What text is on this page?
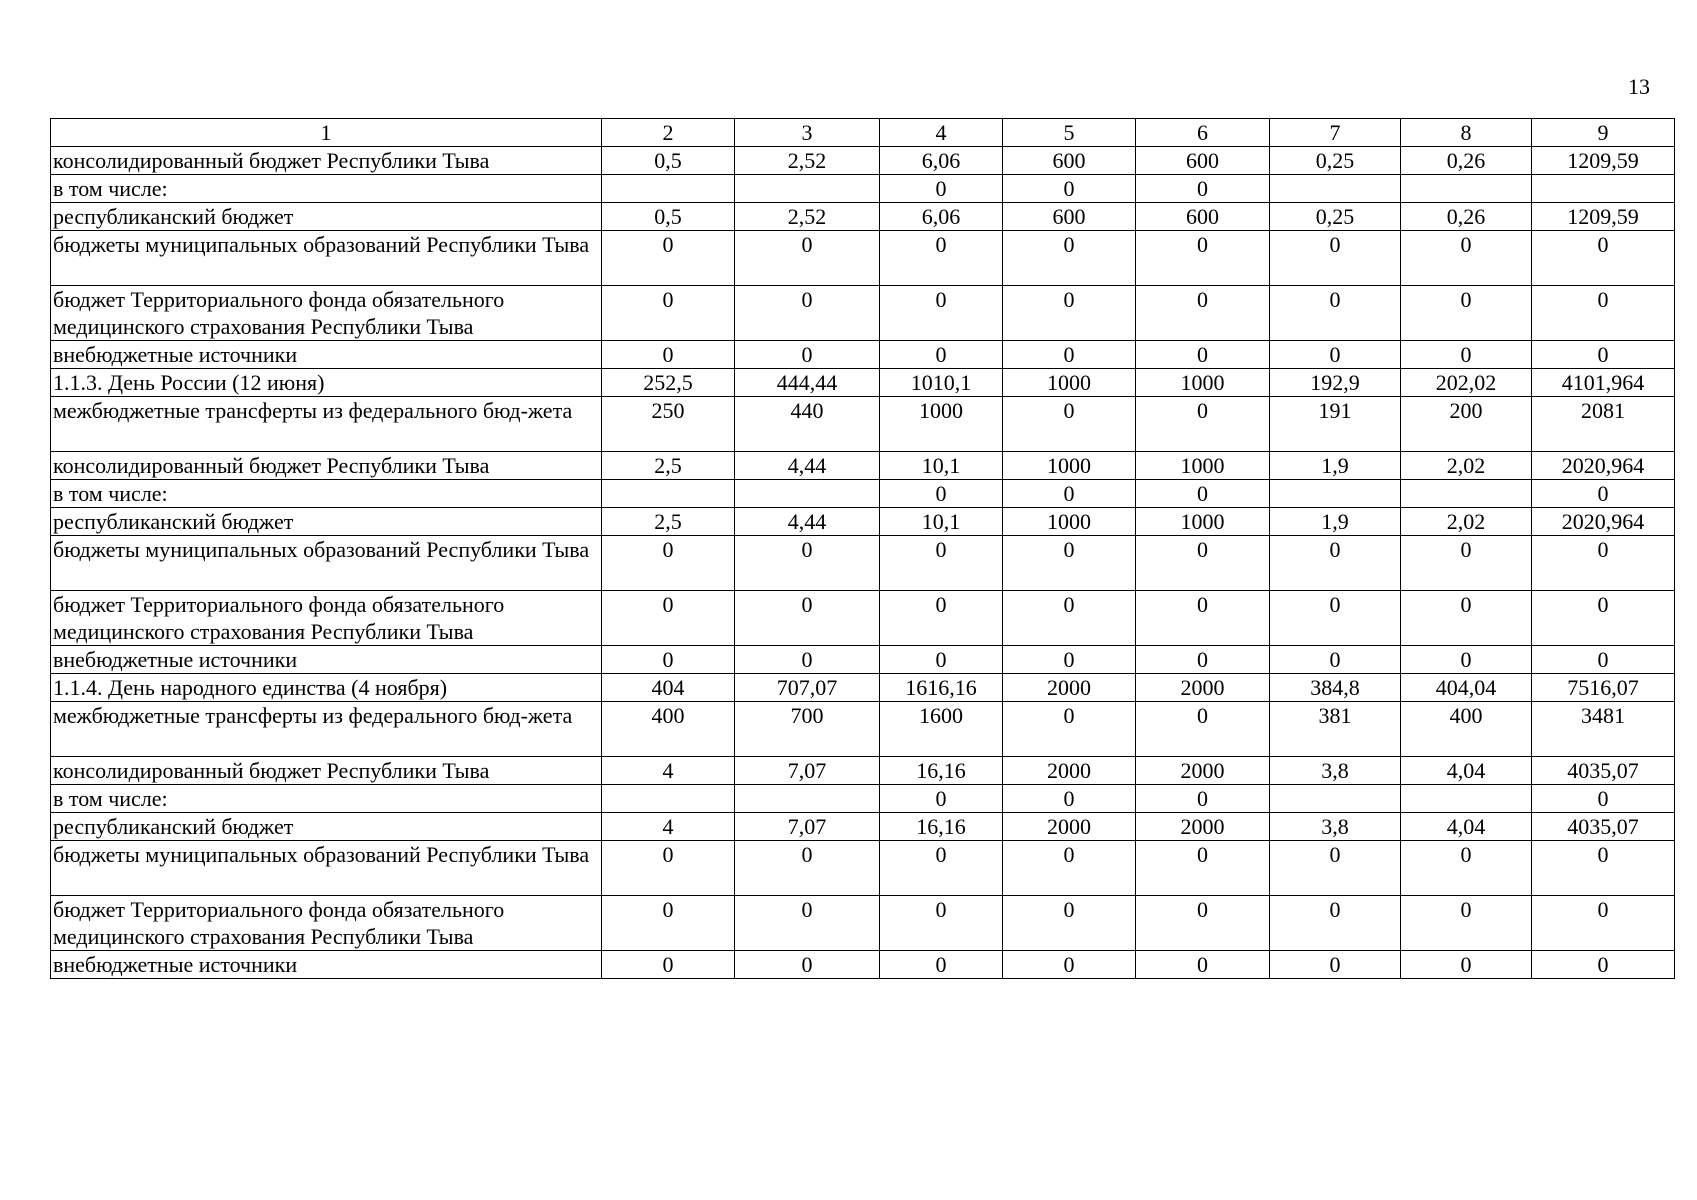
13
1	2	3	4	5	6	7	8	9
консолидированный бюджет Республики Тыва	0,5	2,52	6,06	600	600	0,25	0,26	1209,59
в том числе:			0	0	0			
республиканский бюджет	0,5	2,52	6,06	600	600	0,25	0,26	1209,59
бюджеты муниципальных образований Республики Тыва	0	0	0	0	0	0	0	0
бюджет Территориального фонда обязательного медицинского страхования Республики Тыва	0	0	0	0	0	0	0	0
внебюджетные источники	0	0	0	0	0	0	0	0
1.1.3. День России (12 июня)	252,5	444,44	1010,1	1000	1000	192,9	202,02	4101,964
межбюджетные трансферты из федерального бюд-жета	250	440	1000	0	0	191	200	2081
консолидированный бюджет Республики Тыва	2,5	4,44	10,1	1000	1000	1,9	2,02	2020,964
в том числе:			0	0	0			0
республиканский бюджет	2,5	4,44	10,1	1000	1000	1,9	2,02	2020,964
бюджеты муниципальных образований Республики Тыва	0	0	0	0	0	0	0	0
бюджет Территориального фонда обязательного медицинского страхования Республики Тыва	0	0	0	0	0	0	0	0
внебюджетные источники	0	0	0	0	0	0	0	0
1.1.4. День народного единства (4 ноября)	404	707,07	1616,16	2000	2000	384,8	404,04	7516,07
межбюджетные трансферты из федерального бюд-жета	400	700	1600	0	0	381	400	3481
консолидированный бюджет Республики Тыва	4	7,07	16,16	2000	2000	3,8	4,04	4035,07
в том числе:			0	0	0			0
республиканский бюджет	4	7,07	16,16	2000	2000	3,8	4,04	4035,07
бюджеты муниципальных образований Республики Тыва	0	0	0	0	0	0	0	0
бюджет Территориального фонда обязательного медицинского страхования Республики Тыва	0	0	0	0	0	0	0	0
внебюджетные источники	0	0	0	0	0	0	0	0
